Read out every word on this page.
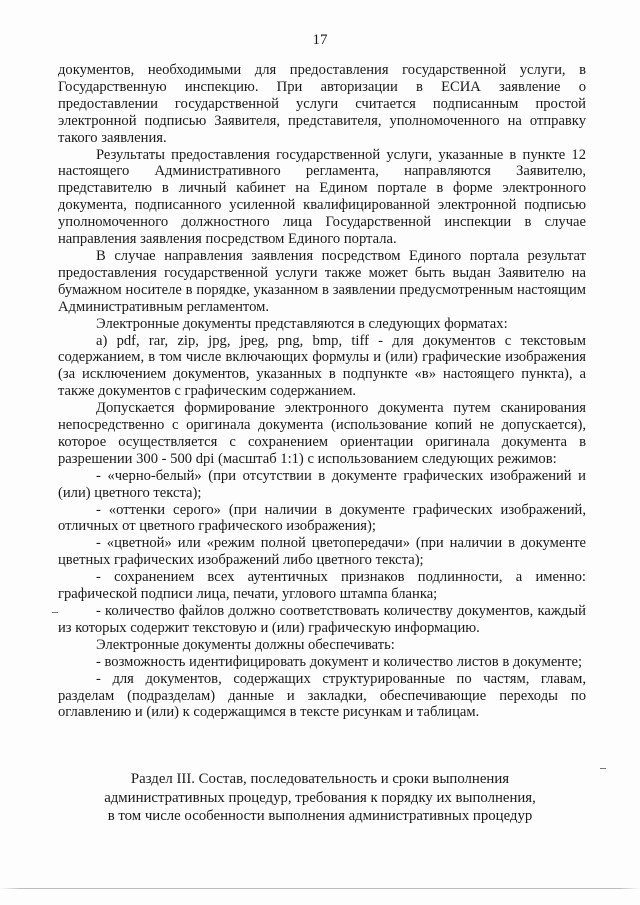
17

документов, необходимыми для предоставления государственной услуги, в Государственную инспекцию. При авторизации в ЕСИА заявление о предоставлении государственной услуги считается подписанным простой электронной подписью Заявителя, представителя, уполномоченного на отправку такого заявления.

Результаты предоставления государственной услуги, указанные в пункте 12 настоящего Административного регламента, направляются Заявителю, представителю в личный кабинет на Едином портале в форме электронного документа, подписанного усиленной квалифицированной электронной подписью уполномоченного должностного лица Государственной инспекции в случае направления заявления посредством Единого портала.

В случае направления заявления посредством Единого портала результат предоставления государственной услуги также может быть выдан Заявителю на бумажном носителе в порядке, указанном в заявлении предусмотренным настоящим Административным регламентом.

Электронные документы представляются в следующих форматах:

а) pdf, rar, zip, jpg, jpeg, png, bmp, tiff - для документов с текстовым содержанием, в том числе включающих формулы и (или) графические изображения (за исключением документов, указанных в подпункте «в» настоящего пункта), а также документов с графическим содержанием.

Допускается формирование электронного документа путем сканирования непосредственно с оригинала документа (использование копий не допускается), которое осуществляется с сохранением ориентации оригинала документа в разрешении 300 - 500 dpi (масштаб 1:1) с использованием следующих режимов:

- «черно-белый» (при отсутствии в документе графических изображений и (или) цветного текста);

- «оттенки серого» (при наличии в документе графических изображений, отличных от цветного графического изображения);

- «цветной» или «режим полной цветопередачи» (при наличии в документе цветных графических изображений либо цветного текста);

- сохранением всех аутентичных признаков подлинности, а именно: графической подписи лица, печати, углового штампа бланка;

- количество файлов должно соответствовать количеству документов, каждый из которых содержит текстовую и (или) графическую информацию.

Электронные документы должны обеспечивать:

- возможность идентифицировать документ и количество листов в документе;

- для документов, содержащих структурированные по частям, главам, разделам (подразделам) данные и закладки, обеспечивающие переходы по оглавлению и (или) к содержащимся в тексте рисункам и таблицам.

Раздел III. Состав, последовательность и сроки выполнения
административных процедур, требования к порядку их выполнения,
в том числе особенности выполнения административных процедур
